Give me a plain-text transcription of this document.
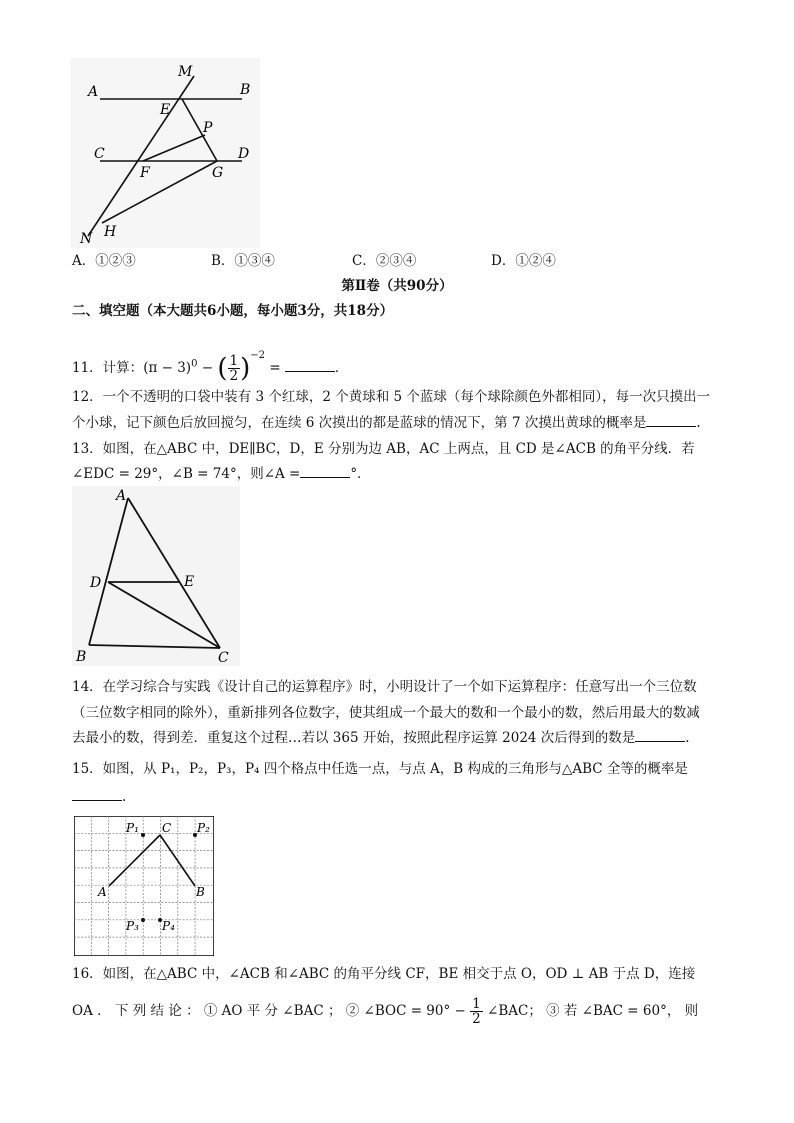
A	B
M
E
P
C	D
F	G
H
N
A．①②③	B．①③④	C．②③④	D．①②④
第Ⅱ卷（共90分）
二、填空题（本大题共6小题，每小题3分，共18分）
11．计算：$(\pi - 3)^0$ − ( $\frac{1}{2} )^{-2}$ =	．
12．一个不透明的口袋中装有 3 个红球，2 个黄球和 5 个蓝球（每个球除颜色外都相同），每一次只摸出一
个小球，记下颜色后放回搅匀，在连续 6 次摸出的都是蓝球的情况下，第 7 次摸出黄球的概率是	.
13．如图，在△ABC 中，DE∥BC，D，E 分别为边 AB，AC 上两点，且 CD 是∠ACB 的角平分线．若
∠EDC = 29°，∠B = 74°，则∠A =	°．
A
D	E
B	C
14．在学习综合与实践《设计自己的运算程序》时，小明设计了一个如下运算程序：任意写出一个三位数
（三位数字相同的除外），重新排列各位数字，使其组成一个最大的数和一个最小的数，然后用最大的数减
去最小的数，得到差．重复这个过程…若以 365 开始，按照此程序运算 2024 次后得到的数是	.
15．如图，从 P₁，P₂，P₃，P₄ 四个格点中任选一点，与点 A，B 构成的三角形与△ABC 全等的概率是
.
P₁ C P₂
A	B
P₃ P₄
16．如图，在△ABC 中，∠ACB 和∠ABC 的角平分线 CF，BE 相交于点 O，OD ⊥ AB 于点 D，连接
OA ． 下 列 结 论 ： ① AO 平 分 ∠BAC ； ② ∠BOC = $90^\circ - \frac{1}{2}$ ∠BAC； ③ 若 ∠BAC = 60°， 则
